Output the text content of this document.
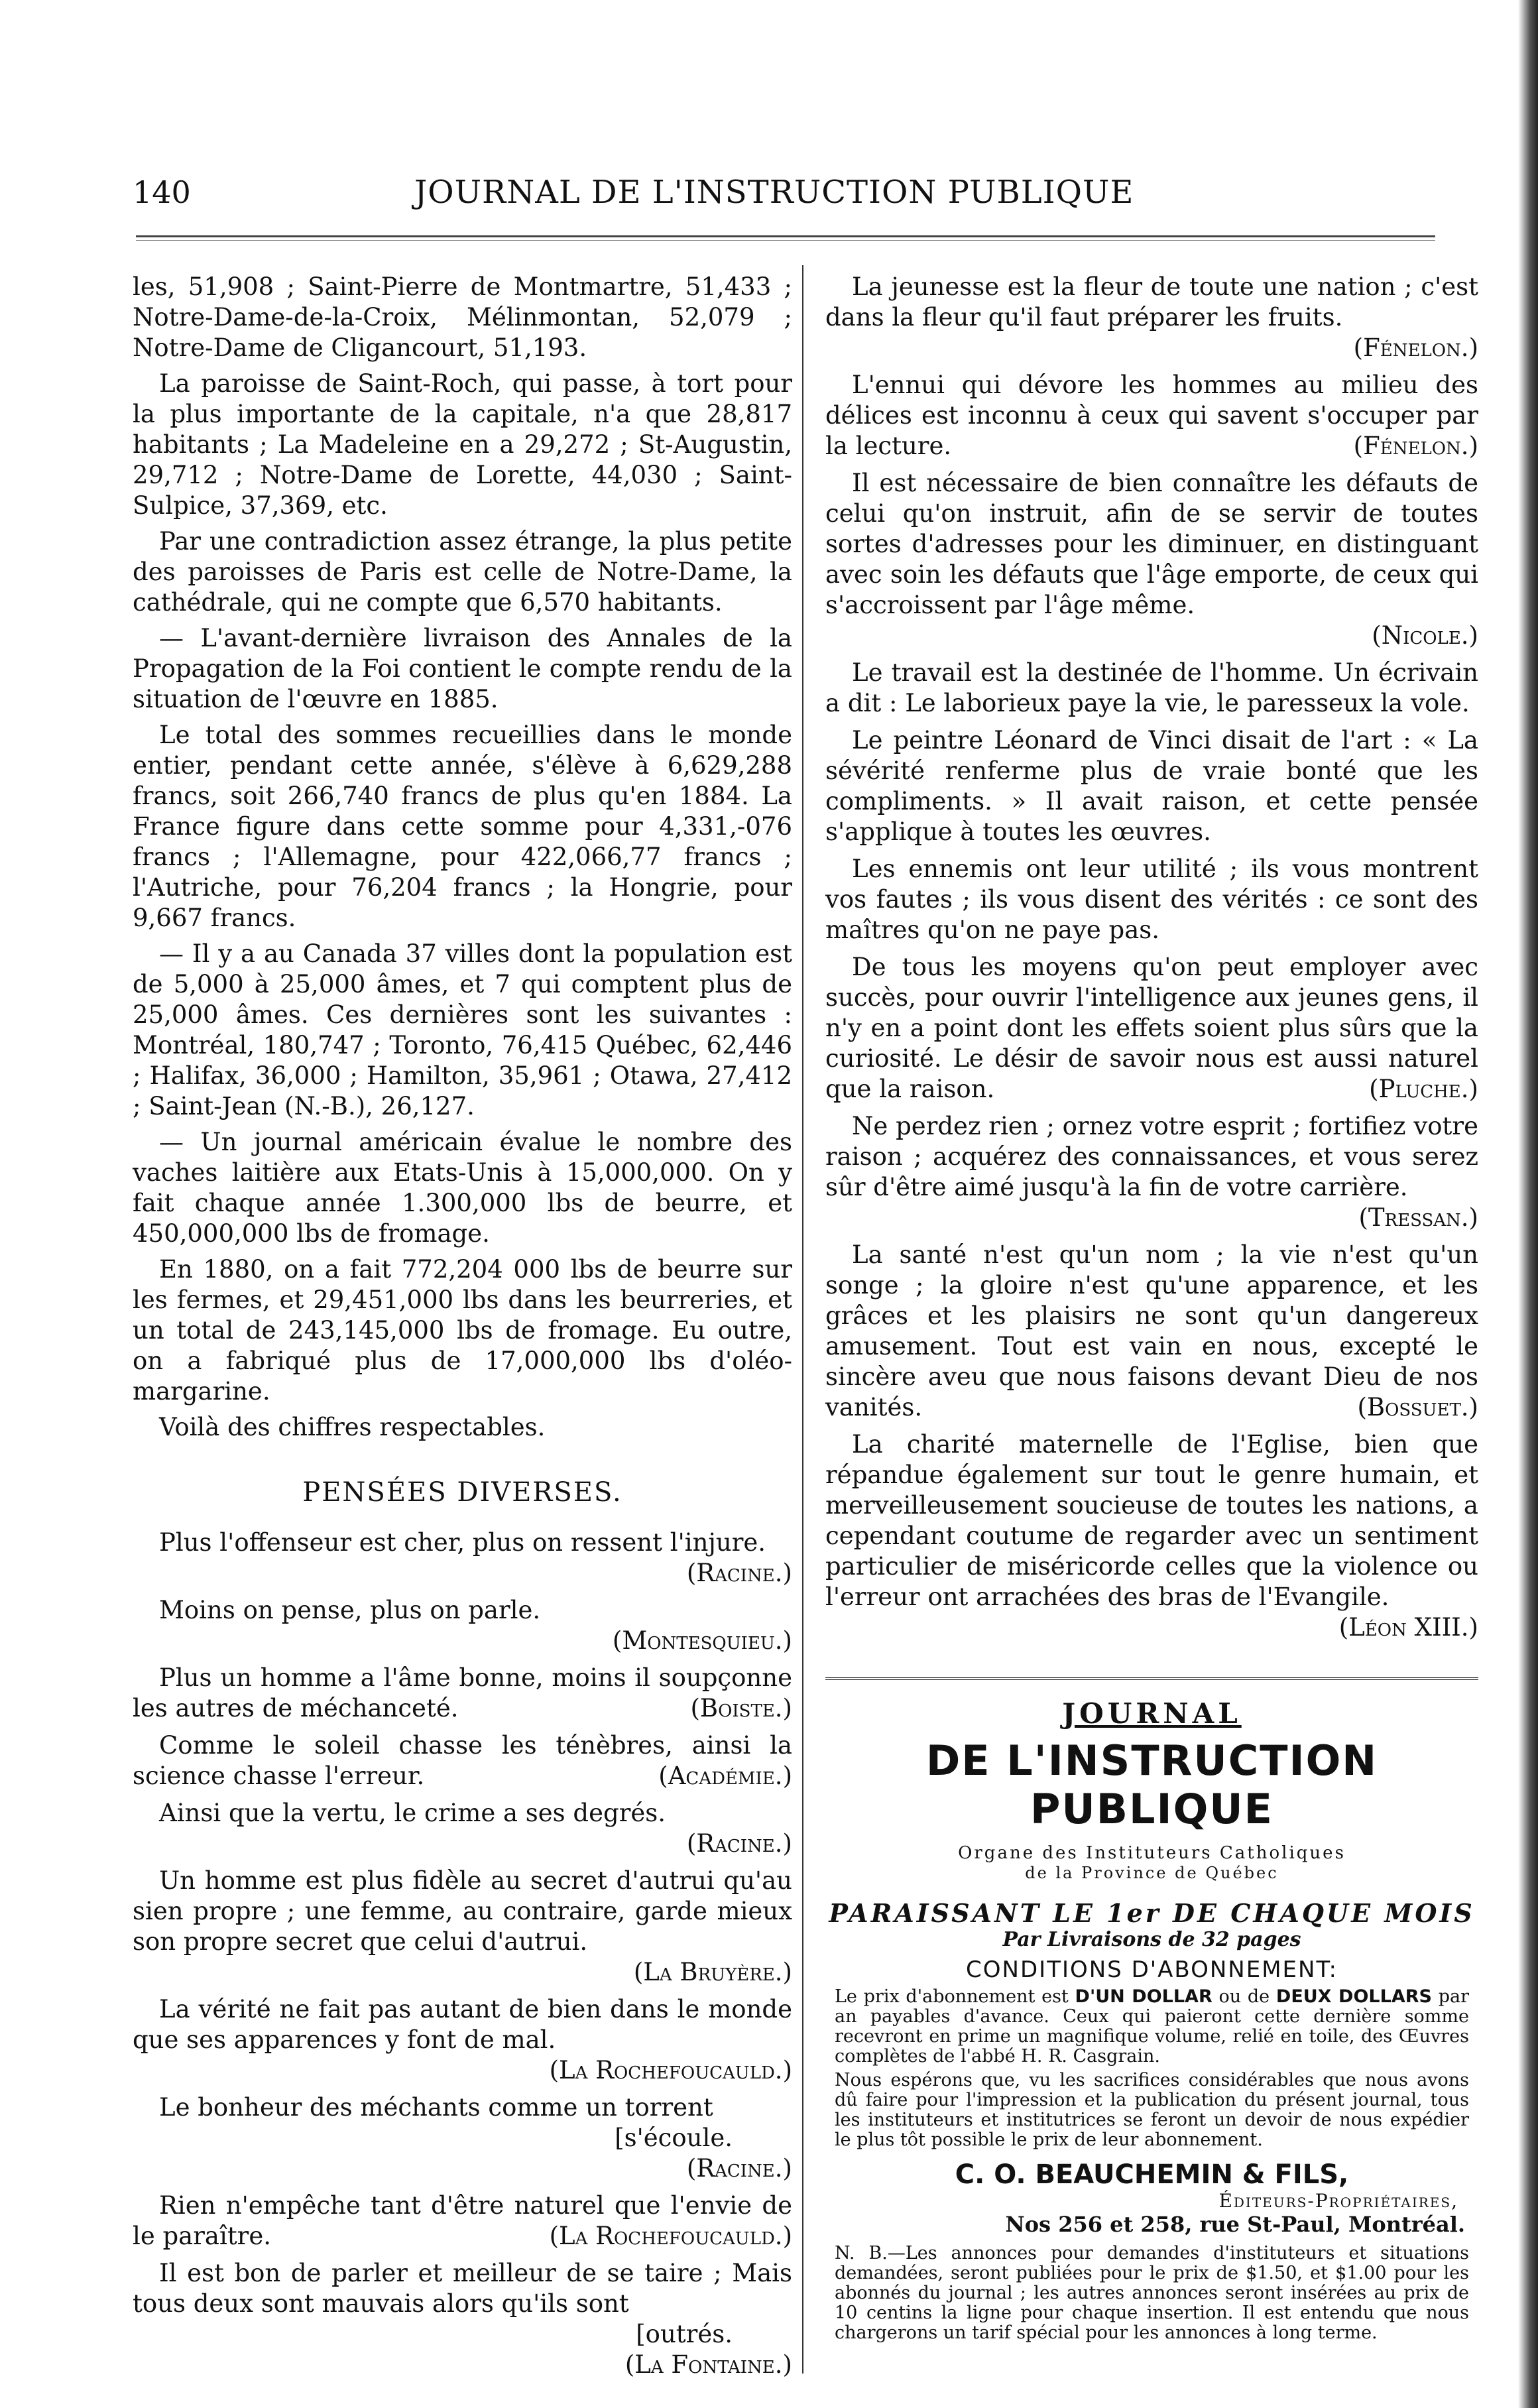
140	JOURNAL DE L'INSTRUCTION PUBLIQUE

les, 51,908 ; Saint-Pierre de Montmartre, 51,433 ; Notre-Dame-de-la-Croix, Mélinmontan, 52,079 ; Notre-Dame de Cligancourt, 51,193.

La paroisse de Saint-Roch, qui passe, à tort pour la plus importante de la capitale, n'a que 28,817 habitants ; La Madeleine en a 29,272 ; St-Augustin, 29,712 ; Notre-Dame de Lorette, 44,030 ; Saint-Sulpice, 37,369, etc.

Par une contradiction assez étrange, la plus petite des paroisses de Paris est celle de Notre-Dame, la cathédrale, qui ne compte que 6,570 habitants.

— L'avant-dernière livraison des Annales de la Propagation de la Foi contient le compte rendu de la situation de l'œuvre en 1885.

Le total des sommes recueillies dans le monde entier, pendant cette année, s'élève à 6,629,288 francs, soit 266,740 francs de plus qu'en 1884. La France figure dans cette somme pour 4,331,-076 francs ; l'Allemagne, pour 422,066,77 francs ; l'Autriche, pour 76,204 francs ; la Hongrie, pour 9,667 francs.

— Il y a au Canada 37 villes dont la population est de 5,000 à 25,000 âmes, et 7 qui comptent plus de 25,000 âmes. Ces dernières sont les suivantes : Montréal, 180,747 ; Toronto, 76,415 Québec, 62,446 ; Halifax, 36,000 ; Hamilton, 35,961 ; Otawa, 27,412 ; Saint-Jean (N.-B.), 26,127.

— Un journal américain évalue le nombre des vaches laitière aux Etats-Unis à 15,000,000. On y fait chaque année 1.300,000 lbs de beurre, et 450,000,000 lbs de fromage.

En 1880, on a fait 772,204 000 lbs de beurre sur les fermes, et 29,451,000 lbs dans les beurreries, et un total de 243,145,000 lbs de fromage. Eu outre, on a fabriqué plus de 17,000,000 lbs d'oléo-margarine.

Voilà des chiffres respectables.

PENSÉES DIVERSES.
Plus l'offenseur est cher, plus on ressent l'injure.
(Racine.)
Moins on pense, plus on parle.
(Montesquieu.)
Plus un homme a l'âme bonne, moins il soupçonne les autres de méchanceté.	(Boiste.)
Comme le soleil chasse les ténèbres, ainsi la science chasse l'erreur.	(Académie.)
Ainsi que la vertu, le crime a ses degrés.
(Racine.)
Un homme est plus fidèle au secret d'autrui qu'au sien propre ; une femme, au contraire, garde mieux son propre secret que celui d'autrui.
(La Bruyère.)
La vérité ne fait pas autant de bien dans le monde que ses apparences y font de mal.
(La Rochefoucauld.)
Le bonheur des méchants comme un torrent
[s'écoule.
(Racine.)
Rien n'empêche tant d'être naturel que l'envie de le paraître.	(La Rochefoucauld.)
Il est bon de parler et meilleur de se taire ; Mais tous deux sont mauvais alors qu'ils sont
[outrés.
(La Fontaine.)
La jeunesse est la fleur de toute une nation ; c'est dans la fleur qu'il faut préparer les fruits.
(Fénelon.)
L'ennui qui dévore les hommes au milieu des délices est inconnu à ceux qui savent s'occuper par la lecture.	(Fénelon.)
Il est nécessaire de bien connaître les défauts de celui qu'on instruit, afin de se servir de toutes sortes d'adresses pour les diminuer, en distinguant avec soin les défauts que l'âge emporte, de ceux qui s'accroissent par l'âge même.
(Nicole.)
Le travail est la destinée de l'homme. Un écrivain a dit : Le laborieux paye la vie, le paresseux la vole.
Le peintre Léonard de Vinci disait de l'art : « La sévérité renferme plus de vraie bonté que les compliments. » Il avait raison, et cette pensée s'applique à toutes les œuvres.
Les ennemis ont leur utilité ; ils vous montrent vos fautes ; ils vous disent des vérités : ce sont des maîtres qu'on ne paye pas.
De tous les moyens qu'on peut employer avec succès, pour ouvrir l'intelligence aux jeunes gens, il n'y en a point dont les effets soient plus sûrs que la curiosité. Le désir de savoir nous est aussi naturel que la raison.	(Pluche.)
Ne perdez rien ; ornez votre esprit ; fortifiez votre raison ; acquérez des connaissances, et vous serez sûr d'être aimé jusqu'à la fin de votre carrière.
(Tressan.)
La santé n'est qu'un nom ; la vie n'est qu'un songe ; la gloire n'est qu'une apparence, et les grâces et les plaisirs ne sont qu'un dangereux amusement. Tout est vain en nous, excepté le sincère aveu que nous faisons devant Dieu de nos vanités.	(Bossuet.)
La charité maternelle de l'Eglise, bien que répandue également sur tout le genre humain, et merveilleusement soucieuse de toutes les nations, a cependant coutume de regarder avec un sentiment particulier de miséricorde celles que la violence ou l'erreur ont arrachées des bras de l'Evangile.
(Léon XIII.)
JOURNAL
DE L'INSTRUCTION PUBLIQUE
Organe des Instituteurs Catholiques
de la Province de Québec
PARAISSANT LE 1er DE CHAQUE MOIS
Par Livraisons de 32 pages
CONDITIONS D'ABONNEMENT:
Le prix d'abonnement est D'UN DOLLAR ou de DEUX DOLLARS par an payables d'avance. Ceux qui paieront cette dernière somme recevront en prime un magnifique volume, relié en toile, des Œuvres complètes de l'abbé H. R. Casgrain.
Nous espérons que, vu les sacrifices considérables que nous avons dû faire pour l'impression et la publication du présent journal, tous les instituteurs et institutrices se feront un devoir de nous expédier le plus tôt possible le prix de leur abonnement.
C. O. BEAUCHEMIN & FILS,
Éditeurs-Propriétaires,
Nos 256 et 258, rue St-Paul, Montréal.
N. B.—Les annonces pour demandes d'instituteurs et situations demandées, seront publiées pour le prix de $1.50, et $1.00 pour les abonnés du journal ; les autres annonces seront insérées au prix de 10 centins la ligne pour chaque insertion. Il est entendu que nous chargerons un tarif spécial pour les annonces à long terme.
